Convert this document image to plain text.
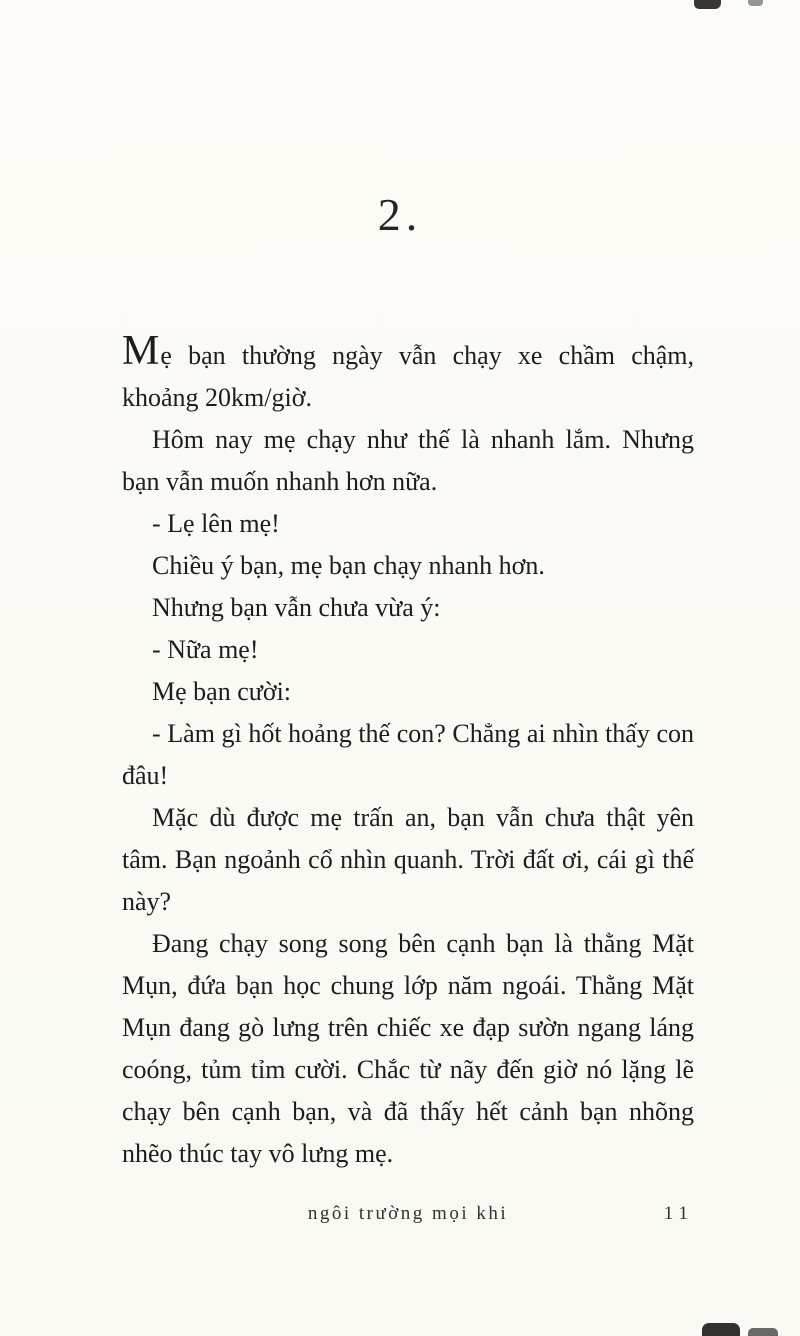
2.

Mẹ bạn thường ngày vẫn chạy xe chầm chậm, khoảng 20km/giờ.

Hôm nay mẹ chạy như thế là nhanh lắm. Nhưng bạn vẫn muốn nhanh hơn nữa.

- Lẹ lên mẹ!

Chiều ý bạn, mẹ bạn chạy nhanh hơn.

Nhưng bạn vẫn chưa vừa ý:

- Nữa mẹ!

Mẹ bạn cười:

- Làm gì hốt hoảng thế con? Chẳng ai nhìn thấy con đâu!

Mặc dù được mẹ trấn an, bạn vẫn chưa thật yên tâm. Bạn ngoảnh cổ nhìn quanh. Trời đất ơi, cái gì thế này?

Đang chạy song song bên cạnh bạn là thằng Mặt Mụn, đứa bạn học chung lớp năm ngoái. Thằng Mặt Mụn đang gò lưng trên chiếc xe đạp sườn ngang láng coóng, tủm tỉm cười. Chắc từ nãy đến giờ nó lặng lẽ chạy bên cạnh bạn, và đã thấy hết cảnh bạn nhõng nhẽo thúc tay vô lưng mẹ.

ngôi trường mọi khi	11
